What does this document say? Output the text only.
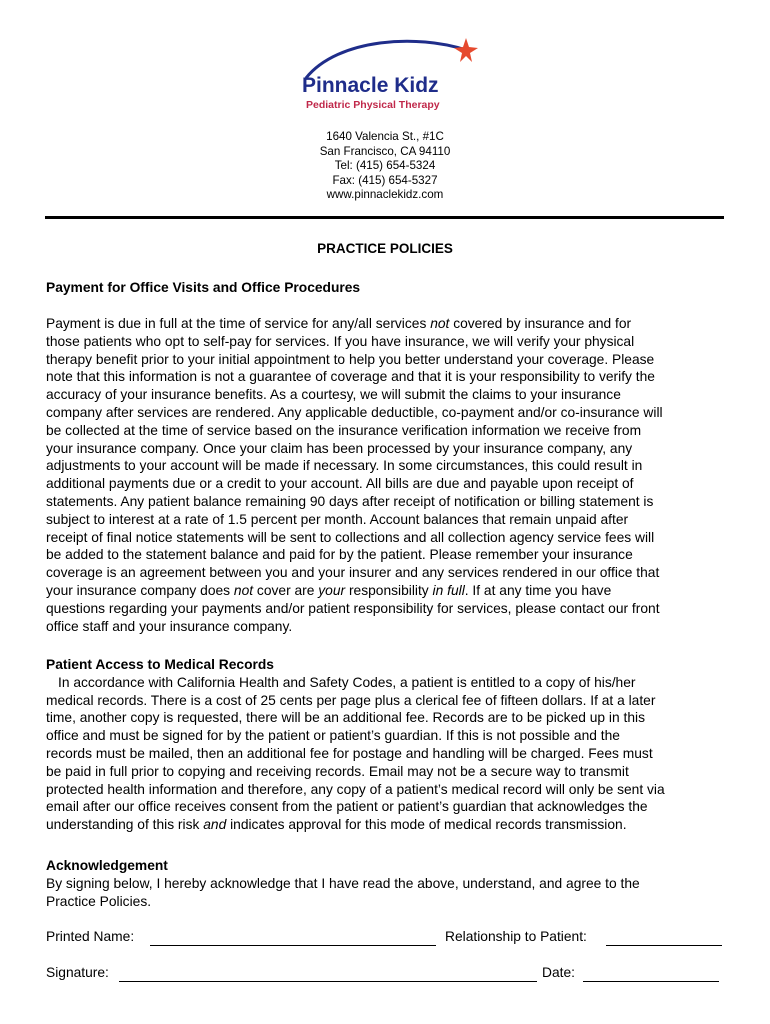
Pinnacle Kidz
Pediatric Physical Therapy
1640 Valencia St., #1C
San Francisco, CA 94110
Tel: (415) 654-5324
Fax: (415) 654-5327
www.pinnaclekidz.com
PRACTICE POLICIES
Payment for Office Visits and Office Procedures
Payment is due in full at the time of service for any/all services not covered by insurance and for
those patients who opt to self-pay for services. If you have insurance, we will verify your physical
therapy benefit prior to your initial appointment to help you better understand your coverage. Please
note that this information is not a guarantee of coverage and that it is your responsibility to verify the
accuracy of your insurance benefits. As a courtesy, we will submit the claims to your insurance
company after services are rendered. Any applicable deductible, co-payment and/or co-insurance will
be collected at the time of service based on the insurance verification information we receive from
your insurance company. Once your claim has been processed by your insurance company, any
adjustments to your account will be made if necessary. In some circumstances, this could result in
additional payments due or a credit to your account. All bills are due and payable upon receipt of
statements. Any patient balance remaining 90 days after receipt of notification or billing statement is
subject to interest at a rate of 1.5 percent per month. Account balances that remain unpaid after
receipt of final notice statements will be sent to collections and all collection agency service fees will
be added to the statement balance and paid for by the patient. Please remember your insurance
coverage is an agreement between you and your insurer and any services rendered in our office that
your insurance company does not cover are your responsibility in full. If at any time you have
questions regarding your payments and/or patient responsibility for services, please contact our front
office staff and your insurance company.
Patient Access to Medical Records
In accordance with California Health and Safety Codes, a patient is entitled to a copy of his/her
medical records. There is a cost of 25 cents per page plus a clerical fee of fifteen dollars. If at a later
time, another copy is requested, there will be an additional fee. Records are to be picked up in this
office and must be signed for by the patient or patient’s guardian. If this is not possible and the
records must be mailed, then an additional fee for postage and handling will be charged. Fees must
be paid in full prior to copying and receiving records. Email may not be a secure way to transmit
protected health information and therefore, any copy of a patient’s medical record will only be sent via
email after our office receives consent from the patient or patient’s guardian that acknowledges the
understanding of this risk and indicates approval for this mode of medical records transmission.
Acknowledgement
By signing below, I hereby acknowledge that I have read the above, understand, and agree to the
Practice Policies.
Printed Name:	Relationship to Patient:
Signature:	Date:
